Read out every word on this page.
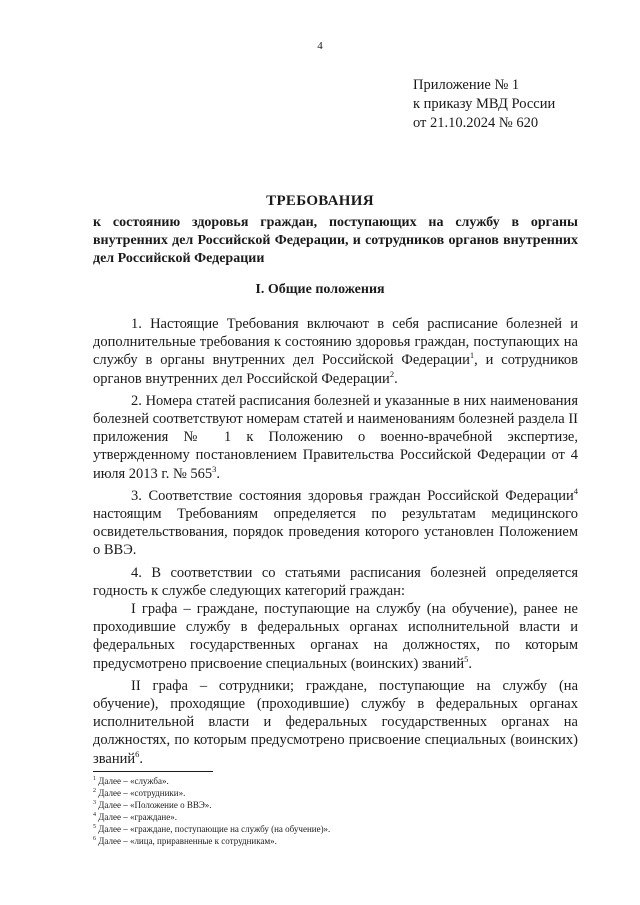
4
Приложение № 1
к приказу МВД России
от 21.10.2024 № 620
ТРЕБОВАНИЯ
к состоянию здоровья граждан, поступающих на службу в органы внутренних дел Российской Федерации, и сотрудников органов внутренних дел Российской Федерации
I. Общие положения

1. Настоящие Требования включают в себя расписание болезней и дополнительные требования к состоянию здоровья граждан, поступающих на службу в органы внутренних дел Российской Федерации$^1$, и сотрудников органов внутренних дел Российской Федерации$^2$.

2. Номера статей расписания болезней и указанные в них наименования болезней соответствуют номерам статей и наименованиям болезней раздела II приложения № 1 к Положению о военно-врачебной экспертизе, утвержденному постановлением Правительства Российской Федерации от 4 июля 2013 г. № $565^3$.

3. Соответствие состояния здоровья граждан Российской Федерации$^4$ настоящим Требованиям определяется по результатам медицинского освидетельствования, порядок проведения которого установлен Положением о ВВЭ.

4. В соответствии со статьями расписания болезней определяется годность к службе следующих категорий граждан:

I графа – граждане, поступающие на службу (на обучение), ранее не проходившие службу в федеральных органах исполнительной власти и федеральных государственных органах на должностях, по которым предусмотрено присвоение специальных (воинских) званий$^5$.

II графа – сотрудники; граждане, поступающие на службу (на обучение), проходящие (проходившие) службу в федеральных органах исполнительной власти и федеральных государственных органах на должностях, по которым предусмотрено присвоение специальных (воинских) званий$^6$.

$^1$ Далее – «служба».
$^2$ Далее – «сотрудники».
$^3$ Далее – «Положение о ВВЭ».
$^4$ Далее – «граждане».
$^5$ Далее – «граждане, поступающие на службу (на обучение)».
$^6$ Далее – «лица, приравненные к сотрудникам».
